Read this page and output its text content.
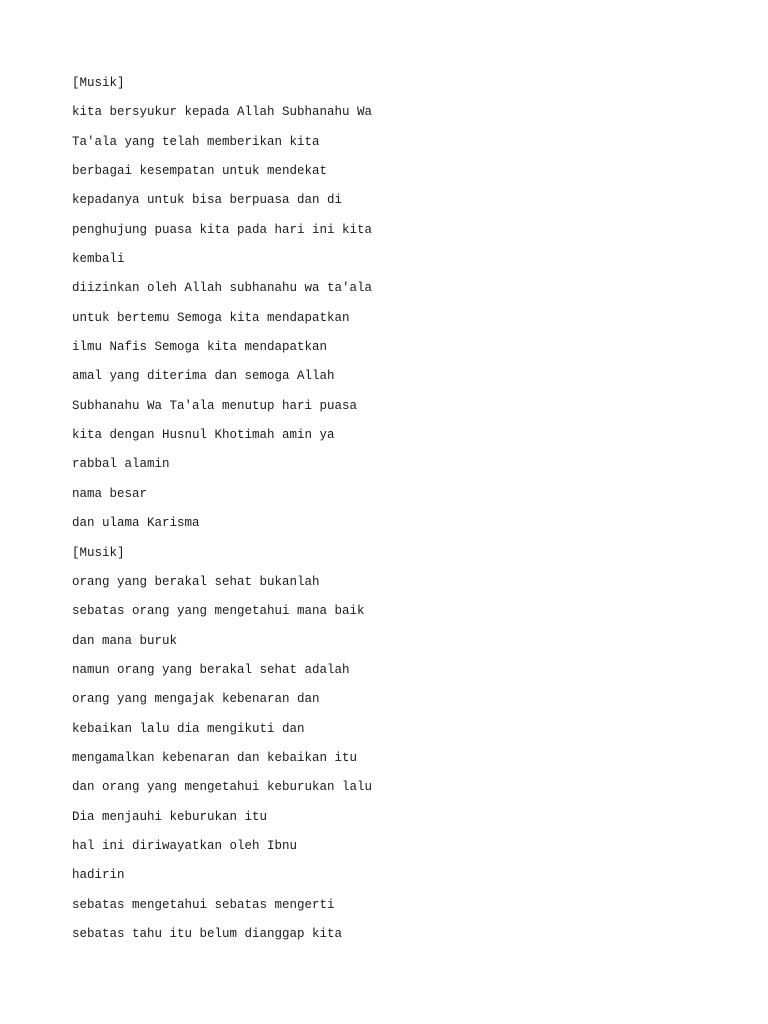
[Musik]
kita bersyukur kepada Allah Subhanahu Wa
Ta'ala yang telah memberikan kita
berbagai kesempatan untuk mendekat
kepadanya untuk bisa berpuasa dan di
penghujung puasa kita pada hari ini kita
kembali
diizinkan oleh Allah subhanahu wa ta'ala
untuk bertemu Semoga kita mendapatkan
ilmu Nafis Semoga kita mendapatkan
amal yang diterima dan semoga Allah
Subhanahu Wa Ta'ala menutup hari puasa
kita dengan Husnul Khotimah amin ya
rabbal alamin
nama besar
dan ulama Karisma
[Musik]
orang yang berakal sehat bukanlah
sebatas orang yang mengetahui mana baik
dan mana buruk
namun orang yang berakal sehat adalah
orang yang mengajak kebenaran dan
kebaikan lalu dia mengikuti dan
mengamalkan kebenaran dan kebaikan itu
dan orang yang mengetahui keburukan lalu
Dia menjauhi keburukan itu
hal ini diriwayatkan oleh Ibnu
hadirin
sebatas mengetahui sebatas mengerti
sebatas tahu itu belum dianggap kita
